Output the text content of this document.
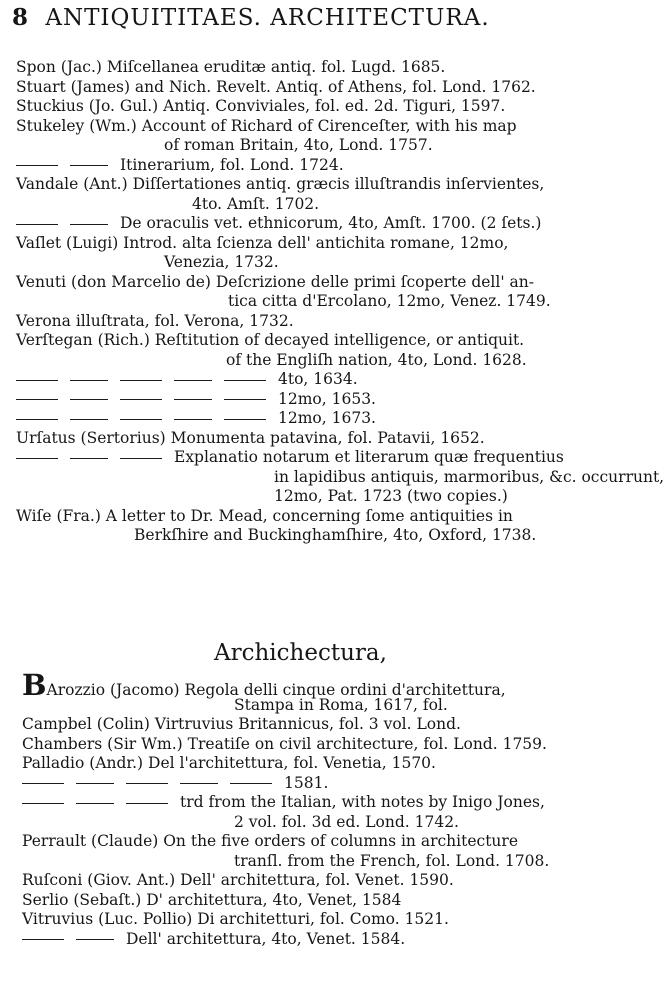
8 ANTIQUITITAES. ARCHITECTURA.
Spon (Jac.) Miſcellanea eruditæ antiq. fol. Lugd. 1685.
Stuart (James) and Nich. Revelt. Antiq. of Athens, fol. Lond. 1762.
Stuckius (Jo. Gul.) Antiq. Conviviales, fol. ed. 2d. Tiguri, 1597.
Stukeley (Wm.) Account of Richard of Cirenceſter, with his map
of roman Britain, 4to, Lond. 1757.
Itinerarium, fol. Lond. 1724.
Vandale (Ant.) Diſſertationes antiq. græcis illuſtrandis inſervientes,
4to. Amſt. 1702.
De oraculis vet. ethnicorum, 4to, Amſt. 1700. (2 ſets.)
Vaſlet (Luigi) Introd. alta ſcienza dell' antichita romane, 12mo,
Venezia, 1732.
Venuti (don Marcelio de) Deſcrizione delle primi ſcoperte dell' an-
tica citta d'Ercolano, 12mo, Venez. 1749.
Verona illuſtrata, fol. Verona, 1732.
Verſtegan (Rich.) Reſtitution of decayed intelligence, or antiquit.
of the Engliſh nation, 4to, Lond. 1628.
4to, 1634.
12mo, 1653.
12mo, 1673.
Urſatus (Sertorius) Monumenta patavina, fol. Patavii, 1652.
Explanatio notarum et literarum quæ frequentius
in lapidibus antiquis, marmoribus, &c. occurrunt,
12mo, Pat. 1723 (two copies.)
Wiſe (Fra.) A letter to Dr. Mead, concerning ſome antiquities in
Berkſhire and Buckinghamſhire, 4to, Oxford, 1738.
Archichectura,
BArozzio (Jacomo) Regola delli cinque ordini d'architettura,
Stampa in Roma, 1617, fol.
Campbel (Colin) Virtruvius Britannicus, fol. 3 vol. Lond.
Chambers (Sir Wm.) Treatiſe on civil architecture, fol. Lond. 1759.
Palladio (Andr.) Del l'architettura, fol. Venetia, 1570.
1581.
trd from the Italian, with notes by Inigo Jones,
2 vol. fol. 3d ed. Lond. 1742.
Perrault (Claude) On the five orders of columns in architecture
tranſl. from the French, fol. Lond. 1708.
Ruſconi (Giov. Ant.) Dell' architettura, fol. Venet. 1590.
Serlio (Sebaſt.) D' architettura, 4to, Venet, 1584
Vitruvius (Luc. Pollio) Di architetturi, fol. Como. 1521.
Dell' architettura, 4to, Venet. 1584.
